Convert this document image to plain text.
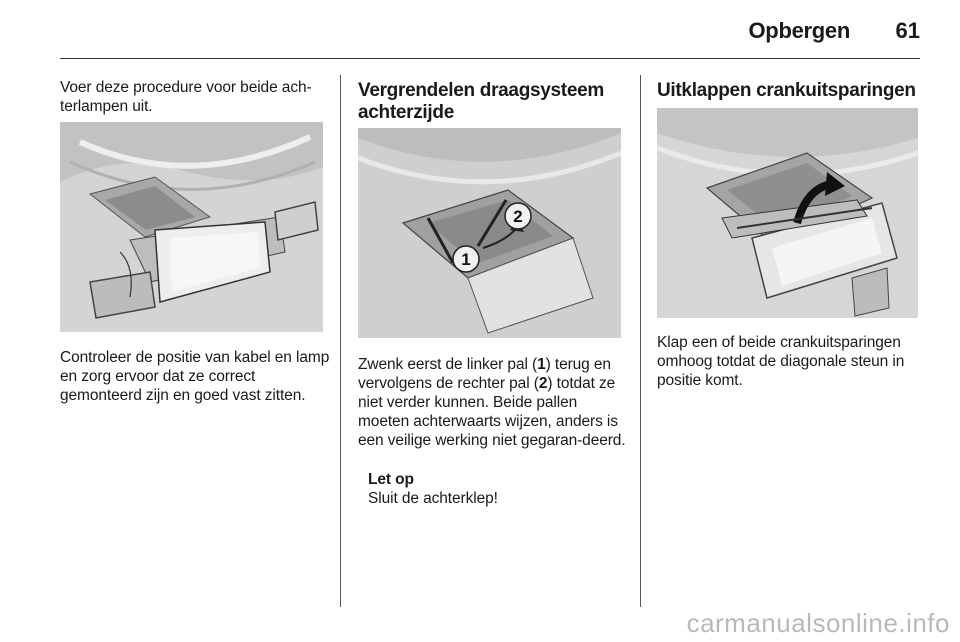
Opbergen	61
Voer deze procedure voor beide ach-terlampen uit.
Controleer de positie van kabel en lamp en zorg ervoor dat ze correct gemonteerd zijn en goed vast zitten.
Vergrendelen draagsysteem achterzijde
1
2
Zwenk eerst de linker pal (1) terug en vervolgens de rechter pal (2) totdat ze niet verder kunnen. Beide pallen moeten achterwaarts wijzen, anders is een veilige werking niet gegaran-deerd.
Let op
Sluit de achterklep!
Uitklappen crankuitsparingen
Klap een of beide crankuitsparingen omhoog totdat de diagonale steun in positie komt.
carmanualsonline.info
